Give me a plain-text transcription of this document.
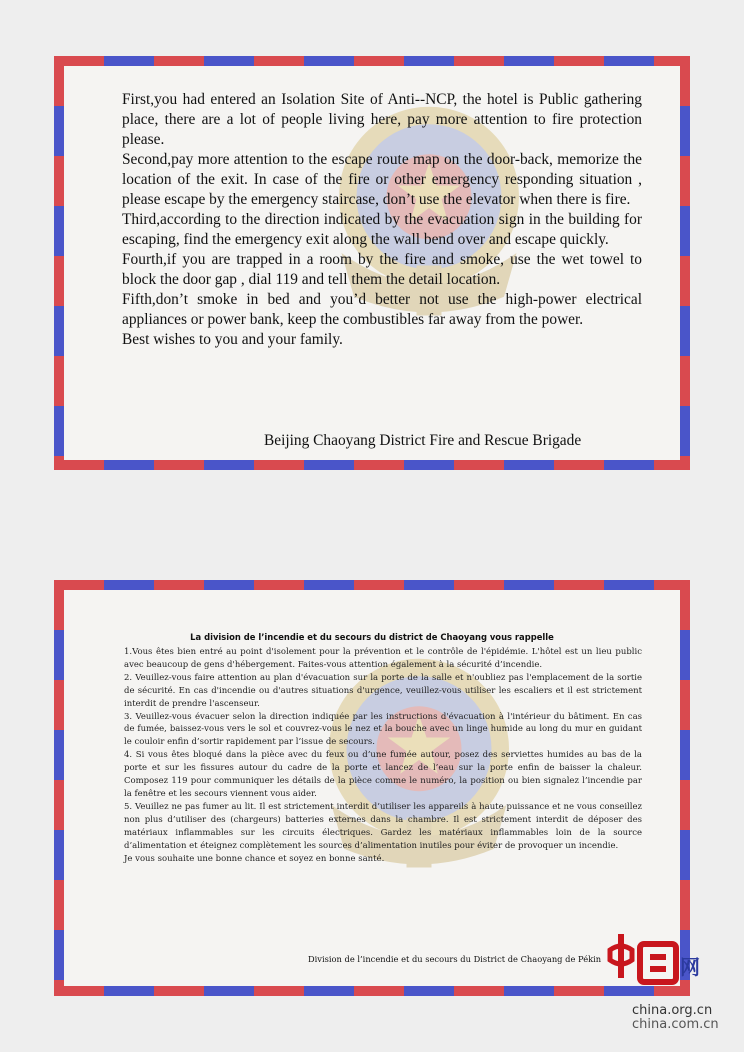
First,you had entered an Isolation Site of Anti--NCP, the hotel is Public gathering place, there are a lot of people living here, pay more attention to fire protection please.

Second,pay more attention to the escape route map on the door-back, memorize the location of the exit. In case of the fire or other emergency responding situation , please escape by the emergency staircase, don’t use the elevator when there is fire.

Third,according to the direction indicated by the evacuation sign in the building for escaping, find the emergency exit along the wall bend over and escape quickly.

Fourth,if you are trapped in a room by the fire and smoke, use the wet towel to block the door gap , dial 119 and tell them the detail location.

Fifth,don’t smoke in bed and you’d better not use the high-power electrical appliances or power bank, keep the combustibles far away from the power.

Best wishes to you and your family.

Beijing Chaoyang District Fire and Rescue Brigade
La division de l’incendie et du secours du district de Chaoyang vous rappelle

1.Vous êtes bien entré au point d'isolement pour la prévention et le contrôle de l'épidémie. L'hôtel est un lieu public avec beaucoup de gens d'hébergement. Faites-vous attention également à la sécurité d’incendie.

2. Veuillez-vous faire attention au plan d'évacuation sur la porte de la salle et n'oubliez pas l'emplacement de la sortie de sécurité. En cas d'incendie ou d'autres situations d'urgence, veuillez-vous utiliser les escaliers et il est strictement interdit de prendre l'ascenseur.

3. Veuillez-vous évacuer selon la direction indiquée par les instructions d'évacuation à l'intérieur du bâtiment. En cas de fumée, baissez-vous vers le sol et couvrez-vous le nez et la bouche avec un linge humide au long du mur en guidant le couloir enfin d’sortir rapidement par l’issue de secours.

4. Si vous êtes bloqué dans la pièce avec du feux ou d’une fumée autour, posez des serviettes humides au bas de la porte et sur les fissures autour du cadre de la porte et lancez de l’eau sur la porte enfin de baisser la chaleur. Composez 119 pour communiquer les détails de la pièce comme le numéro, la position ou bien signalez l’incendie par la fenêtre et les secours viennent vous aider.

5. Veuillez ne pas fumer au lit. Il est strictement interdit d’utiliser les appareils à haute puissance et ne vous conseillez non plus d’utiliser des (chargeurs) batteries externes dans la chambre. Il est strictement interdit de déposer des matériaux inflammables sur les circuits électriques. Gardez les matériaux inflammables loin de la source d’alimentation et éteignez complètement les sources d’alimentation inutiles pour éviter de provoquer un incendie.

Je vous souhaite une bonne chance et soyez en bonne santé.

Division de l’incendie et du secours du District de Chaoyang de Pékin	网
china.org.cn
china.com.cn
